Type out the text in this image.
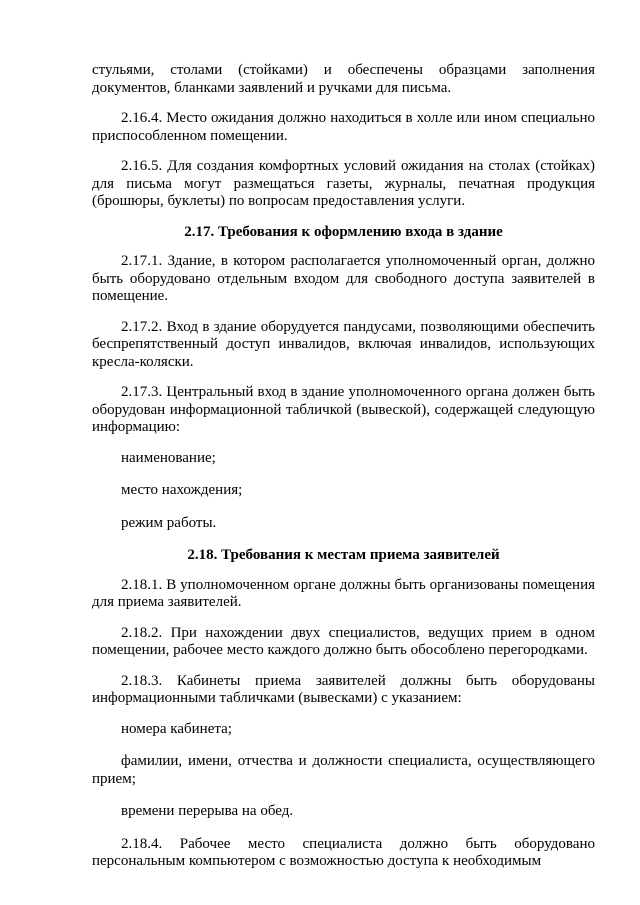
стульями, столами (стойками) и обеспечены образцами заполнения документов, бланками заявлений и ручками для письма.

2.16.4. Место ожидания должно находиться в холле или ином специально приспособленном помещении.

2.16.5. Для создания комфортных условий ожидания на столах (стойках) для письма могут размещаться газеты, журналы, печатная продукция (брошюры, буклеты) по вопросам предоставления услуги.

2.17. Требования к оформлению входа в здание

2.17.1. Здание, в котором располагается уполномоченный орган, должно быть оборудовано отдельным входом для свободного доступа заявителей в помещение.

2.17.2. Вход в здание оборудуется пандусами, позволяющими обеспечить беспрепятственный доступ инвалидов, включая инвалидов, использующих кресла-коляски.

2.17.3. Центральный вход в здание уполномоченного органа должен быть оборудован информационной табличкой (вывеской), содержащей следующую информацию:

наименование;

место нахождения;

режим работы.

2.18. Требования к местам приема заявителей

2.18.1. В уполномоченном органе должны быть организованы помещения для приема заявителей.

2.18.2. При нахождении двух специалистов, ведущих прием в одном помещении, рабочее место каждого должно быть обособлено перегородками.

2.18.3. Кабинеты приема заявителей должны быть оборудованы информационными табличками (вывесками) с указанием:

номера кабинета;

фамилии, имени, отчества и должности специалиста, осуществляющего прием;

времени перерыва на обед.

2.18.4. Рабочее место специалиста должно быть оборудовано персональным компьютером с возможностью доступа к необходимым
